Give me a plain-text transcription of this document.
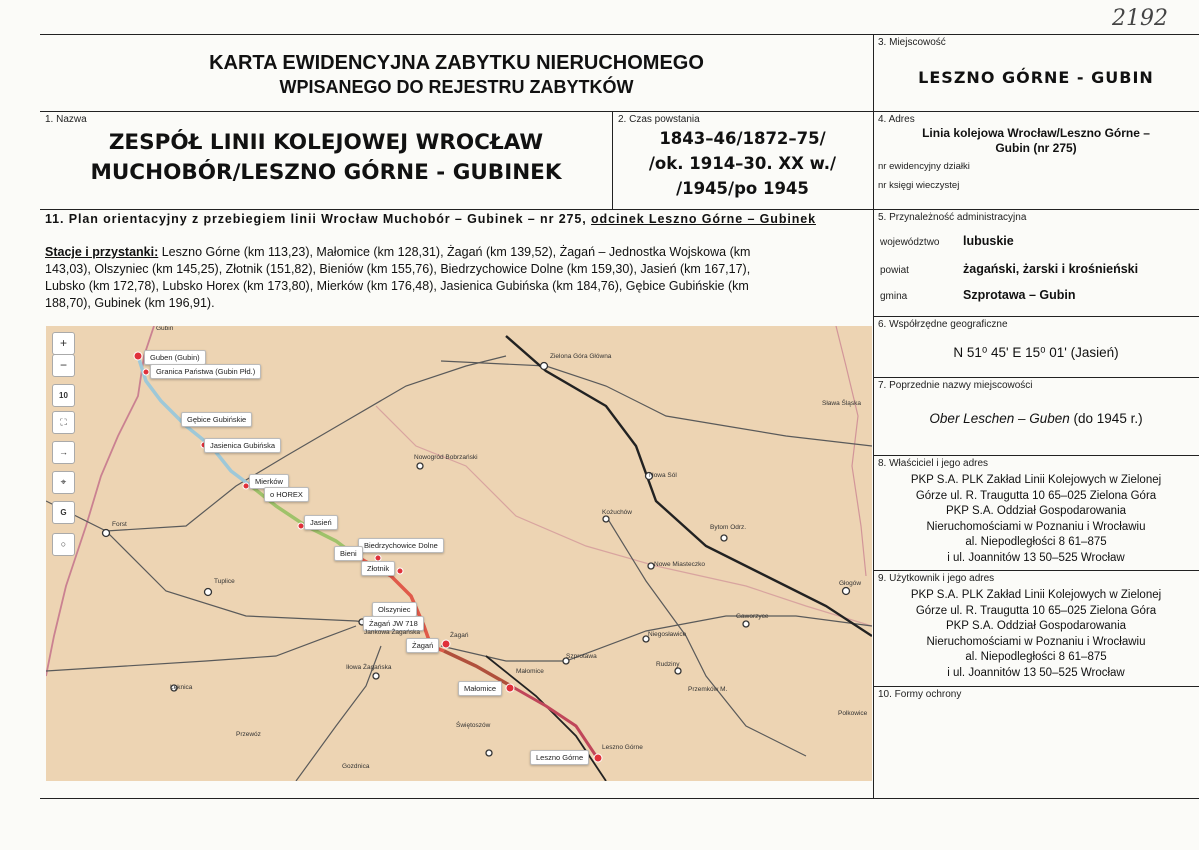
2192
KARTA EWIDENCYJNA ZABYTKU NIERUCHOMEGO
WPISANEGO DO REJESTRU ZABYTKÓW
3. Miejscowość
LESZNO GÓRNE - GUBIN
1. Nazwa
ZESPÓŁ LINII KOLEJOWEJ WROCŁAW
MUCHOBÓR/LESZNO GÓRNE - GUBINEK
2. Czas powstania
1843–46/1872–75/
/ok. 1914–30. XX w./
/1945/po 1945
4. Adres
Linia kolejowa Wrocław/Leszno Górne –
Gubin (nr 275)
nr ewidencyjny działki
nr księgi wieczystej
11. Plan orientacyjny z przebiegiem linii Wrocław Muchobór – Gubinek – nr 275, odcinek Leszno Górne – Gubinek
Stacje i przystanki: Leszno Górne (km 113,23), Małomice (km 128,31), Żagań (km 139,52), Żagań – Jednostka Wojskowa (km
143,03), Olszyniec (km 145,25), Złotnik (151,82), Bieniów (km 155,76), Biedrzychowice Dolne (km 159,30), Jasień (km 167,17),
Lubsko (km 172,78), Lubsko Horex (km 173,80), Mierków (km 176,48), Jasienica Gubińska (km 184,76), Gębice Gubińskie (km
188,70), Gubinek (km 196,91).
5. Przynależność administracyjna
województwo lubuskie
powiat	żagański, żarski i krośnieński
gmina	Szprotawa – Gubin
6. Współrzędne geograficzne
N 51⁰ 45' E 15⁰ 01' (Jasień)
7. Poprzednie nazwy miejscowości
Ober Leschen – Guben (do 1945 r.)
8. Właściciel i jego adres
PKP S.A. PLK Zakład Linii Kolejowych w Zielonej
Górze ul. R. Traugutta 10 65–025 Zielona Góra
PKP S.A. Oddział Gospodarowania
Nieruchomościami w Poznaniu i Wrocławiu
al. Niepodległości 8 61–875
i ul. Joannitów 13 50–525 Wrocław
9. Użytkownik i jego adres
PKP S.A. PLK Zakład Linii Kolejowych w Zielonej
Górze ul. R. Traugutta 10 65–025 Zielona Góra
PKP S.A. Oddział Gospodarowania
Nieruchomościami w Poznaniu i Wrocławiu
al. Niepodległości 8 61–875
i ul. Joannitów 13 50–525 Wrocław
10. Formy ochrony
+
−
10
⛶
→
⌖
G
○
Guben (Gubin)
Granica Państwa (Gubin Płd.)
Gębice Gubińskie
Jasienica Gubińska
Mierków
o HOREX
Jasień
Biedrzychowice Dolne
Bieni
Złotnik
Olszyniec
Żagań JW 718
Żagań
Małomice
Leszno Górne
Gubin
Zielona Góra Główna
Nowogród Bobrzański
Nowa Sól
Kożuchów
Bytom Odrz.
Nowe Miasteczko
Głogów
Forst
Tuplice
Gaworzyce
Niegosławice
Szprotawa
Rudziny
Przemków M.
Żagań
Iłowa Żagańska
Małomice
Jankowa Żagańska
Łęknica
Przewóz
Świętoszów
Leszno Górne
Gozdnica
Polkowice
Sława Śląska
